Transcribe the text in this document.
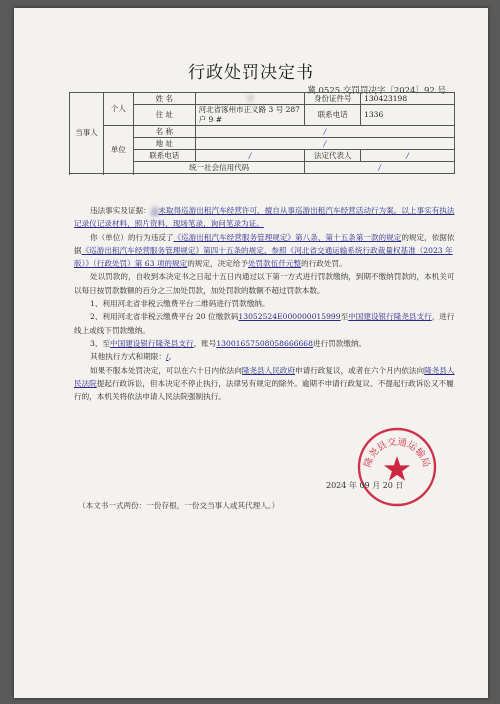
行政处罚决定书
冀 0525 交罚罚决字〔2024〕92 号
当事人	个人	姓 名	刘	身份证件号	130423198
		住 址	河北省涿州市正义路 3 号 287 户 9 #	联系电话	1336

	单位	名 称	/		
		地 址	/		
		联系电话	/	法定代表人	/
		统一社会信用代码		/	

违法事实及证据：刘未取得巡游出租汽车经营许可，擅自从事巡游出租汽车经营活动行为案。以上事实有执法记录仪记录材料，照片资料，现场笔录，询问笔录为证。

你（单位）的行为违反了《巡游出租汽车经营服务管理规定》第八条、第十五条第一款的规定的规定，依据依据《巡游出租汽车经营服务管理规定》第四十五条的规定、参照《河北省交通运输系统行政裁量权基准（2023 年版）》（行政处罚）第 63 项的规定的规定，决定给予处罚款伍仟元整的行政处罚。

处以罚款的，自收到本决定书之日起十五日内通过以下第一方式进行罚款缴纳，到期不缴纳罚款的，本机关可以每日按罚款数额的百分之三加处罚款，加处罚款的数额不超过罚款本数。

1、利用河北省非税云缴费平台二维码进行罚款缴纳。

2、利用河北省非税云缴费平台 20 位缴款码13052524E000000015999至中国建设银行隆尧县支行，进行线上或线下罚款缴纳。

3、至中国建设银行隆尧县支行，账号13001657508058666668进行罚款缴纳。

其他执行方式和期限：/。

如果不服本处罚决定，可以在六十日内依法向隆尧县人民政府申请行政复议，或者在六个月内依法向隆尧县人民法院提起行政诉讼，但本决定不停止执行，法律另有规定的除外。逾期不申请行政复议、不提起行政诉讼又不履行的，本机关将依法申请人民法院强制执行。

隆尧县交通运输局
2024 年 09 月 20 日
（本文书一式两份：一份存根，一份交当事人或其代理人。）
